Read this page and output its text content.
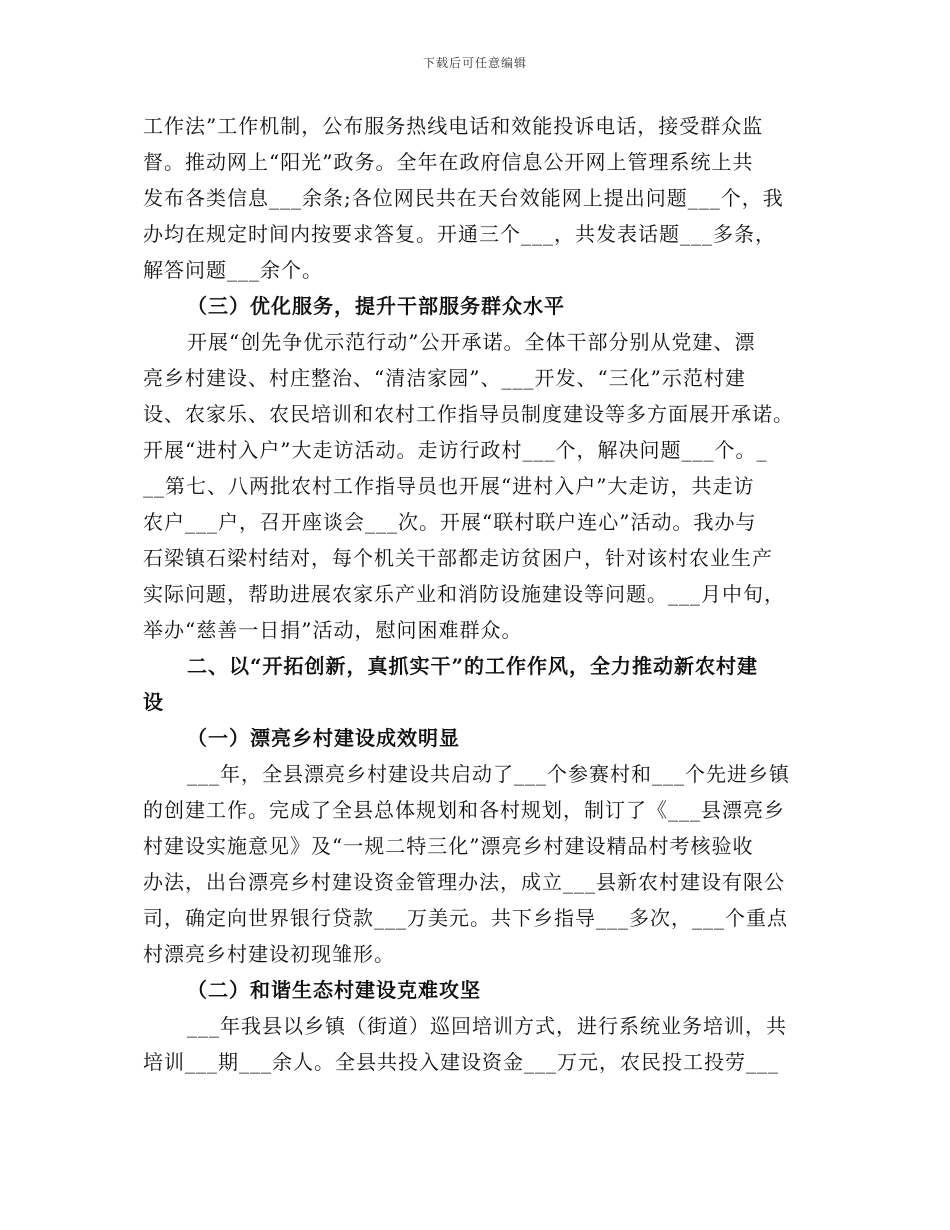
下载后可任意编辑
工作法”工作机制，公布服务热线电话和效能投诉电话，接受群众监
督。推动网上“阳光”政务。全年在政府信息公开网上管理系统上共
发布各类信息___余条;各位网民共在天台效能网上提出问题___个，我
办均在规定时间内按要求答复。开通三个___，共发表话题___多条，
解答问题___余个。
（三）优化服务，提升干部服务群众水平
开展“创先争优示范行动”公开承诺。全体干部分别从党建、漂
亮乡村建设、村庄整治、“清洁家园”、___开发、“三化”示范村建
设、农家乐、农民培训和农村工作指导员制度建设等多方面展开承诺。
开展“进村入户”大走访活动。走访行政村___个，解决问题___个。_
__第七、八两批农村工作指导员也开展“进村入户”大走访，共走访
农户___户，召开座谈会___次。开展“联村联户连心”活动。我办与
石梁镇石梁村结对，每个机关干部都走访贫困户，针对该村农业生产
实际问题，帮助进展农家乐产业和消防设施建设等问题。___月中旬，
举办“慈善一日捐”活动，慰问困难群众。
二、以“开拓创新，真抓实干”的工作作风，全力推动新农村建
设
（一）漂亮乡村建设成效明显
___年，全县漂亮乡村建设共启动了___个参赛村和___个先进乡镇
的创建工作。完成了全县总体规划和各村规划，制订了《___县漂亮乡
村建设实施意见》及“一规二特三化”漂亮乡村建设精品村考核验收
办法，出台漂亮乡村建设资金管理办法，成立___县新农村建设有限公
司，确定向世界银行贷款___万美元。共下乡指导___多次，___个重点
村漂亮乡村建设初现雏形。
（二）和谐生态村建设克难攻坚
___年我县以乡镇（街道）巡回培训方式，进行系统业务培训，共
培训___期___余人。全县共投入建设资金___万元，农民投工投劳___
